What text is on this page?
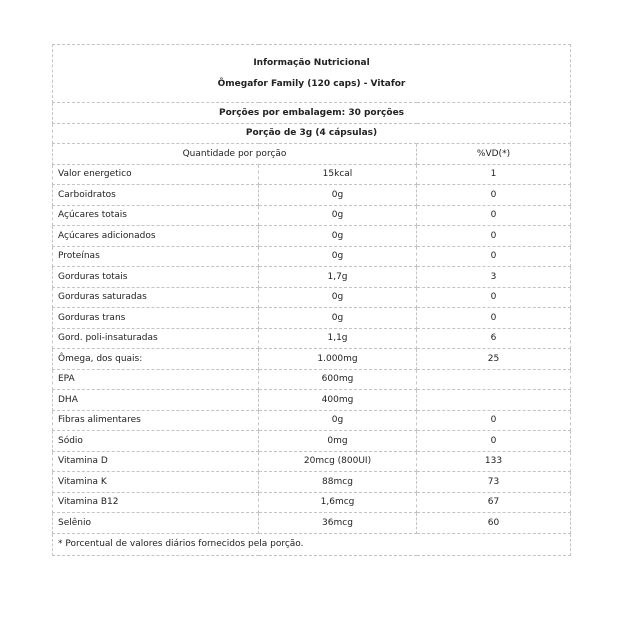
Informação Nutricional
Ômegafor Family (120 caps) - Vitafor		

Porções por embalagem: 30 porções		
Porção de 3g (4 cápsulas)		
Quantidade por porção		%VD(*)
Valor energetico	15kcal	1
Carboidratos	0g	0
Açúcares totais	0g	0
Açúcares adicionados	0g	0
Proteínas	0g	0
Gorduras totais	1,7g	3
Gorduras saturadas	0g	0
Gorduras trans	0g	0
Gord. poli-insaturadas	1,1g	6
Ômega, dos quais:	1.000mg	25
EPA	600mg	
DHA	400mg	
Fibras alimentares	0g	0
Sódio	0mg	0
Vitamina D	20mcg (800UI)	133
Vitamina K	88mcg	73
Vitamina B12	1,6mcg	67
Selênio	36mcg	60
* Porcentual de valores diários fornecidos pela porção.		
